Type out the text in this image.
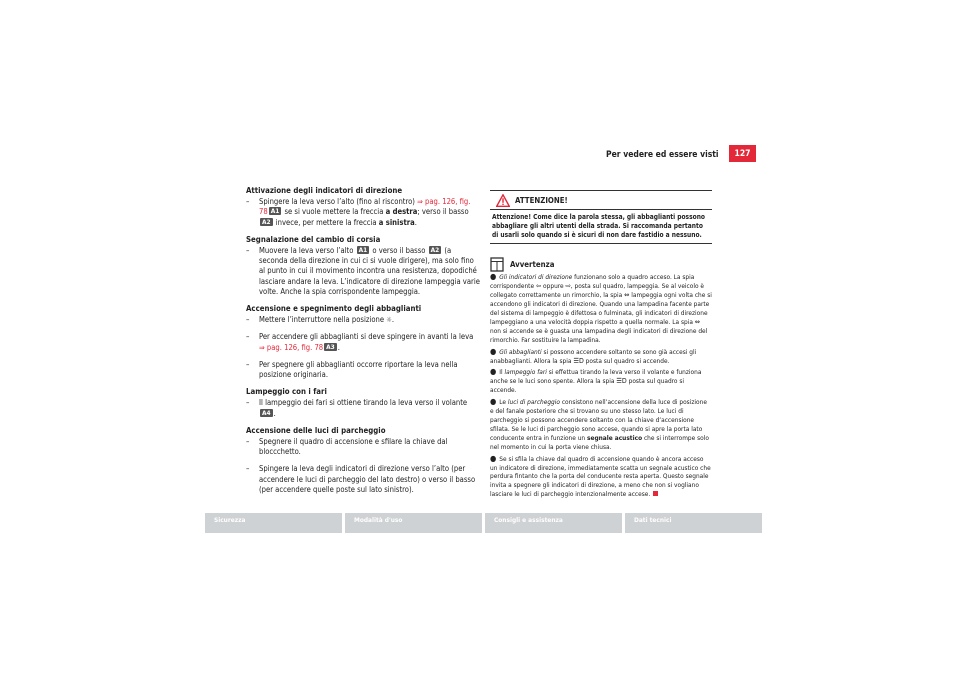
Per vedere ed essere visti	127
Attivazione degli indicatori di direzione
– Spingere la leva verso l’alto (fino al riscontro) ⇒ pag. 126, fig. 78 A1 se si vuole mettere la freccia a destra; verso il basso A2 invece, per mettere la freccia a sinistra.
Segnalazione del cambio di corsia
– Muovere la leva verso l’alto A1 o verso il basso A2 (a seconda della direzione in cui ci si vuole dirigere), ma solo fino al punto in cui il movimento incontra una resistenza, dopodiché lasciare andare la leva. L’indicatore di direzione lampeggia varie volte. Anche la spia corrispondente lampeggia.
Accensione e spegnimento degli abbaglianti
– Mettere l’interruttore nella posizione ☼.
– Per accendere gli abbaglianti si deve spingere in avanti la leva ⇒ pag. 126, fig. 78 A3 .
– Per spegnere gli abbaglianti occorre riportare la leva nella posizione originaria.
Lampeggio con i fari
– Il lampeggio dei fari si ottiene tirando la leva verso il volante A4 .
Accensione delle luci di parcheggio
– Spegnere il quadro di accensione e sfilare la chiave dal bloccchetto.
– Spingere la leva degli indicatori di direzione verso l’alto (per accendere le luci di parcheggio del lato destro) o verso il basso (per accendere quelle poste sul lato sinistro).
ATTENZIONE!
Attenzione! Come dice la parola stessa, gli abbaglianti possono abbagliare gli altri utenti della strada. Si raccomanda pertanto di usarli solo quando si è sicuri di non dare fastidio a nessuno.
Avvertenza
● Gli indicatori di direzione funzionano solo a quadro acceso. La spia corrispondente ⇦ oppure ⇨, posta sul quadro, lampeggia. Se al veicolo è collegato correttamente un rimorchio, la spia ⇔ lampeggia ogni volta che si accendono gli indicatori di direzione. Quando una lampadina facente parte del sistema di lampeggio è difettosa o fulminata, gli indicatori di direzione lampeggiano a una velocità doppia rispetto a quella normale. La spia ⇔ non si accende se è guasta una lampadina degli indicatori di direzione del rimorchio. Far sostituire la lampadina.
● Gli abbaglianti si possono accendere soltanto se sono già accesi gli anabbaglianti. Allora la spia ☰D posta sul quadro si accende.
● Il lampeggio fari si effettua tirando la leva verso il volante e funziona anche se le luci sono spente. Allora la spia ☰D posta sul quadro si accende.
● Le luci di parcheggio consistono nell’accensione della luce di posizione e del fanale posteriore che si trovano su uno stesso lato. Le luci di parcheggio si possono accendere soltanto con la chiave d’accensione sfilata. Se le luci di parcheggio sono accese, quando si apre la porta lato conducente entra in funzione un segnale acustico che si interrompe solo nel momento in cui la porta viene chiusa.
● Se si sfila la chiave dal quadro di accensione quando è ancora acceso un indicatore di direzione, immediatamente scatta un segnale acustico che perdura fintanto che la porta del conducente resta aperta. Questo segnale invita a spegnere gli indicatori di direzione, a meno che non si vogliano lasciare le luci di parcheggio intenzionalmente accese.
Sicurezza	Modalità d'uso	Consigli e assistenza	Dati tecnici
